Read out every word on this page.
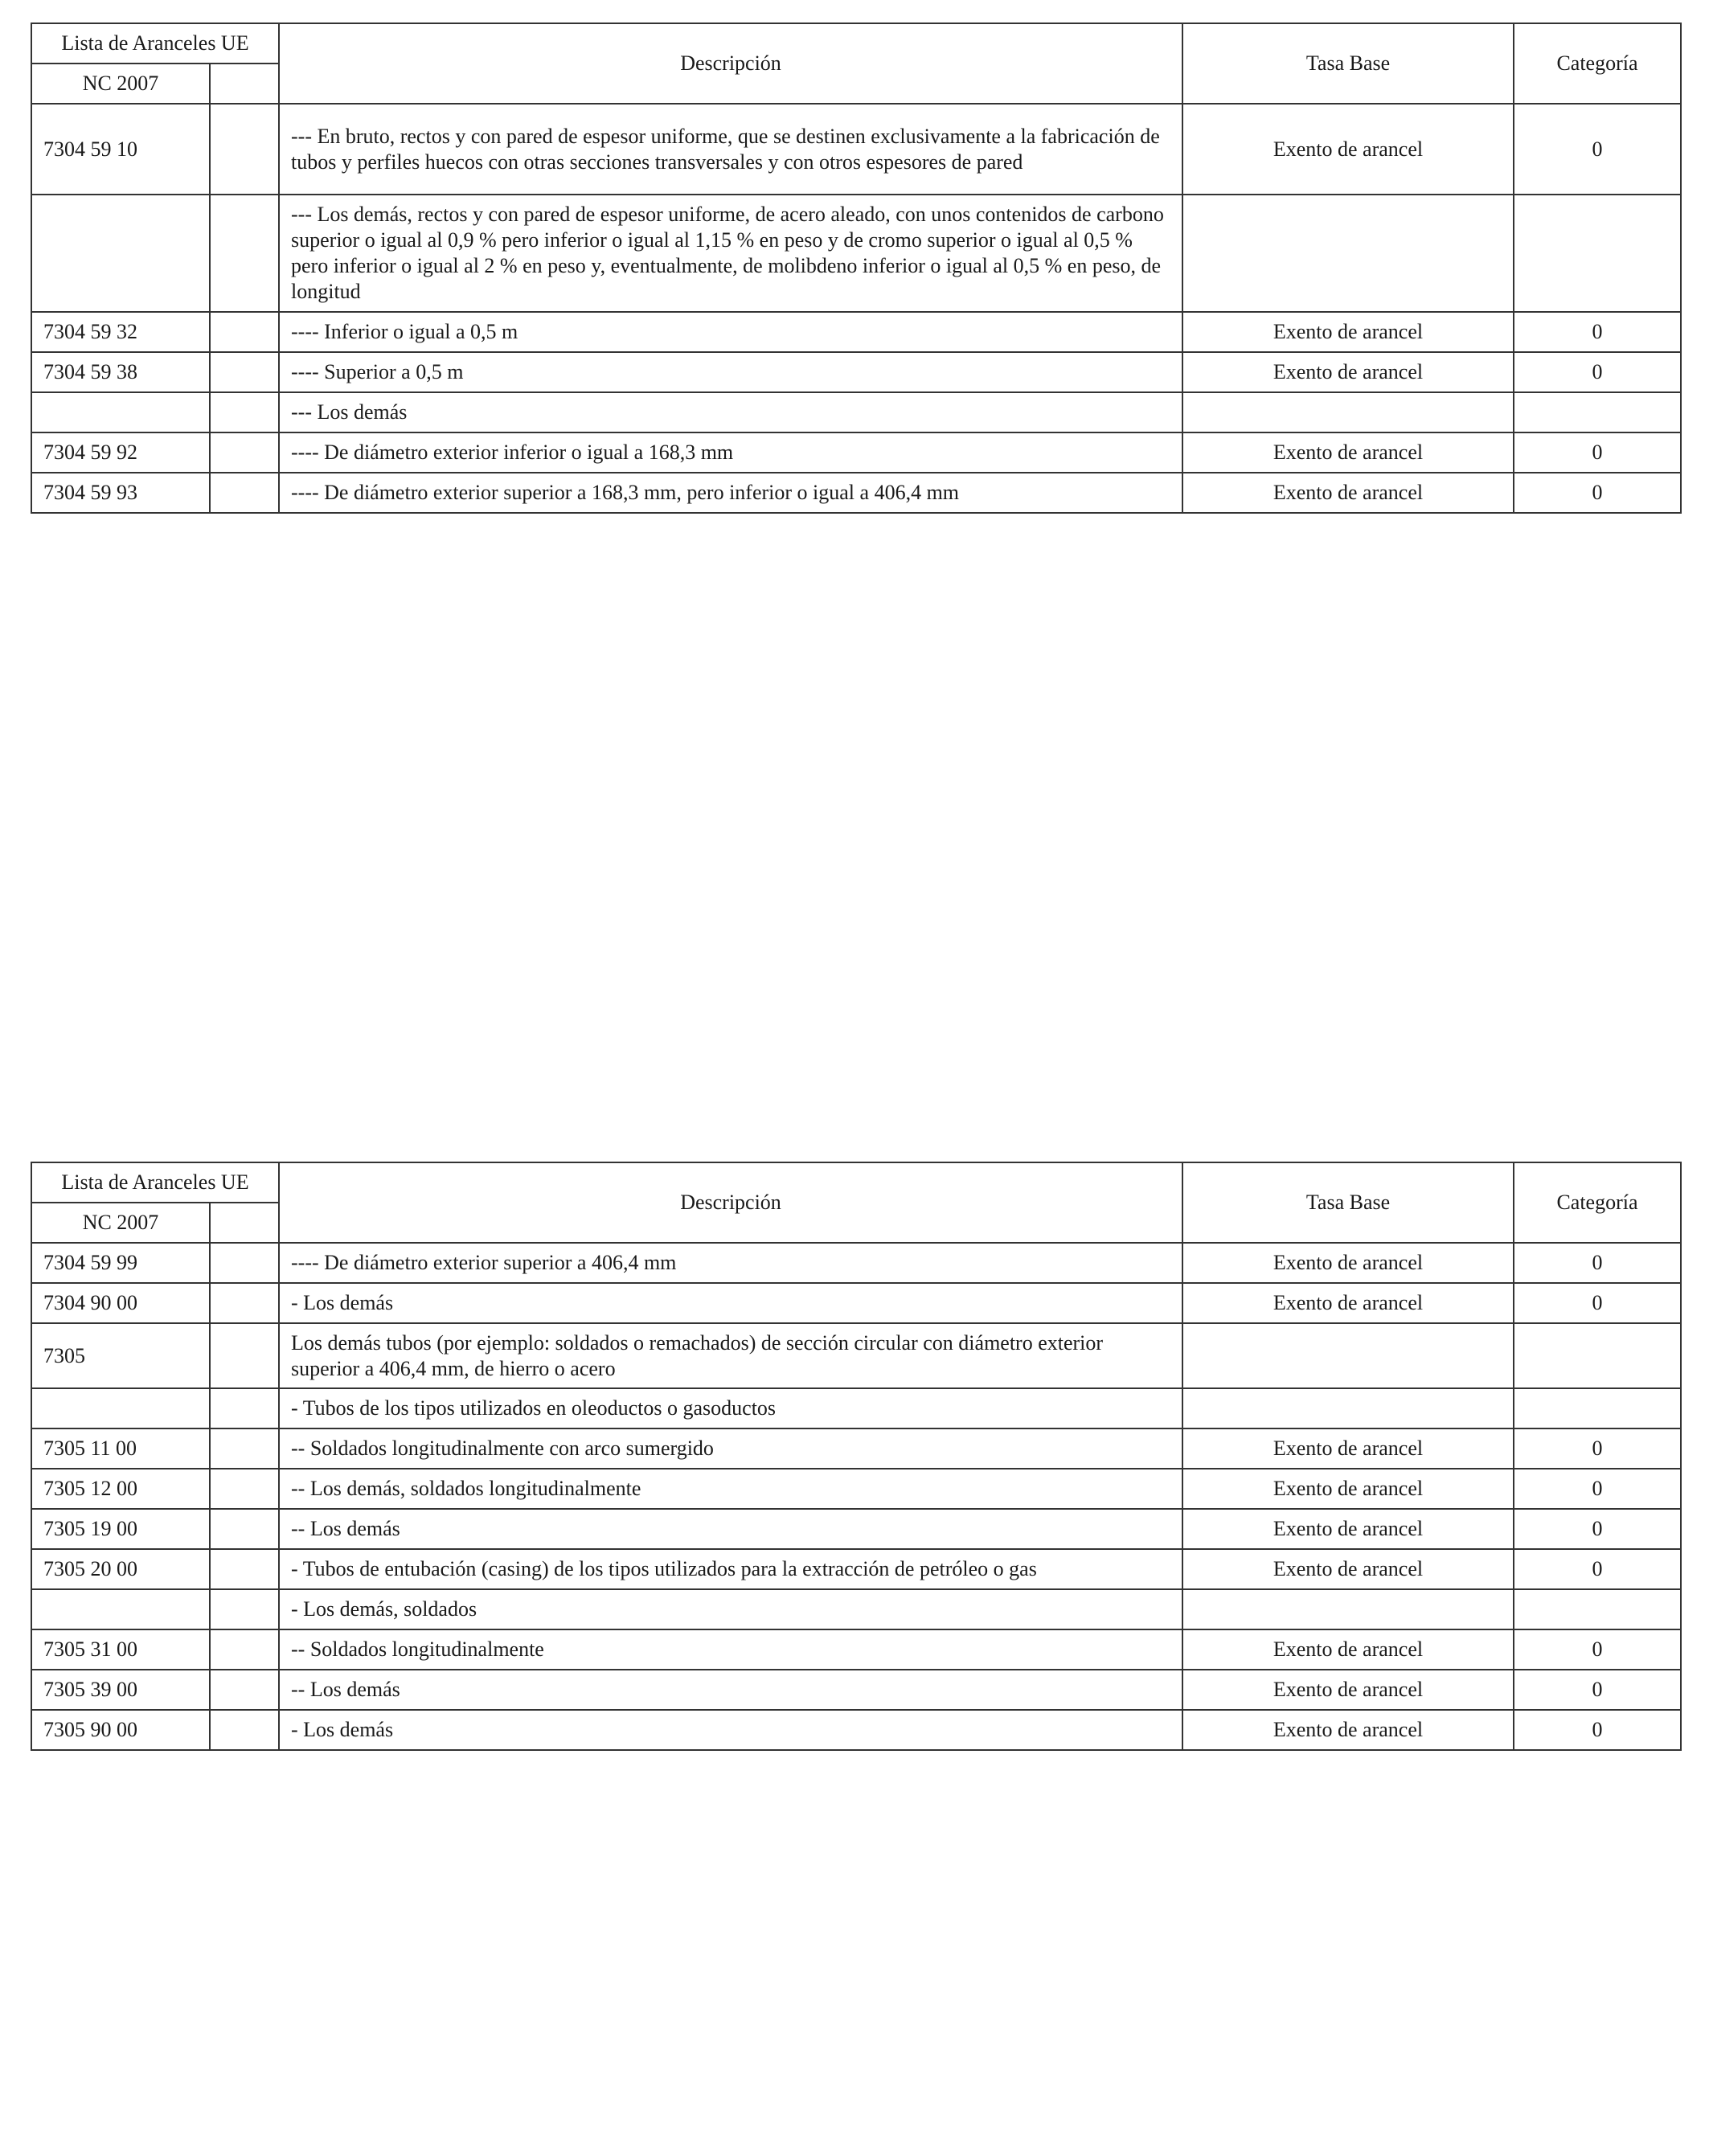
Lista de Aranceles UE		Descripción	Tasa Base	Categoría
NC 2007				
7304 59 10		--- En bruto, rectos y con pared de espesor uniforme, que se destinen exclusivamente a la fabricación de tubos y perfiles huecos con otras secciones transversales y con otros espesores de pared	Exento de arancel	0
		--- Los demás, rectos y con pared de espesor uniforme, de acero aleado, con unos contenidos de carbono superior o igual al 0,9 % pero inferior o igual al 1,15 % en peso y de cromo superior o igual al 0,5 % pero inferior o igual al 2 % en peso y, eventualmente, de molibdeno inferior o igual al 0,5 % en peso, de longitud		
7304 59 32		---- Inferior o igual a 0,5 m	Exento de arancel	0
7304 59 38		---- Superior a 0,5 m	Exento de arancel	0
		--- Los demás		
7304 59 92		---- De diámetro exterior inferior o igual a 168,3 mm	Exento de arancel	0
7304 59 93		---- De diámetro exterior superior a 168,3 mm, pero inferior o igual a 406,4 mm	Exento de arancel	0
Lista de Aranceles UE		Descripción	Tasa Base	Categoría
NC 2007				
7304 59 99		---- De diámetro exterior superior a 406,4 mm	Exento de arancel	0
7304 90 00		- Los demás	Exento de arancel	0
7305		Los demás tubos (por ejemplo: soldados o remachados) de sección circular con diámetro exterior superior a 406,4 mm, de hierro o acero		
		- Tubos de los tipos utilizados en oleoductos o gasoductos		
7305 11 00		-- Soldados longitudinalmente con arco sumergido	Exento de arancel	0
7305 12 00		-- Los demás, soldados longitudinalmente	Exento de arancel	0
7305 19 00		-- Los demás	Exento de arancel	0
7305 20 00		- Tubos de entubación (casing) de los tipos utilizados para la extracción de petróleo o gas	Exento de arancel	0
		- Los demás, soldados		
7305 31 00		-- Soldados longitudinalmente	Exento de arancel	0
7305 39 00		-- Los demás	Exento de arancel	0
7305 90 00		- Los demás	Exento de arancel	0
